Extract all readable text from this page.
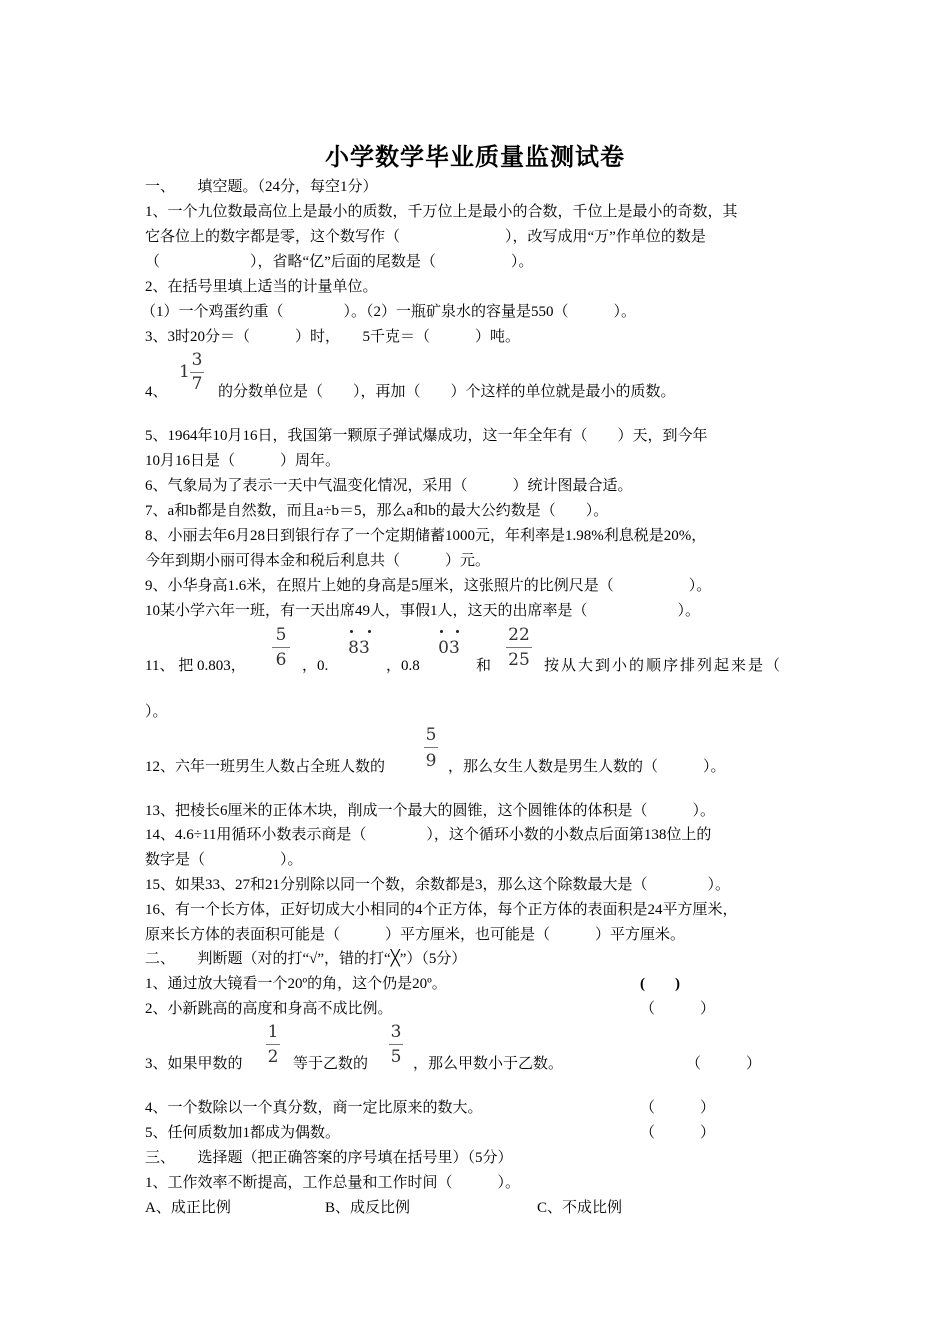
小学数学毕业质量监测试卷
一、　　填空题。（24分，每空1分）
1、一个九位数最高位上是最小的质数，千万位上是最小的合数，千位上是最小的奇数，其
它各位上的数字都是零，这个数写作（　　　　　　　），改写成用“万”作单位的数是
（　　　　　　），省略“亿”后面的尾数是（　　　　　）。
2、在括号里填上适当的计量单位。
（1）一个鸡蛋约重（　　　　）。（2）一瓶矿泉水的容量是550（　　　）。
3、3时20分＝（　　　）时，　　5千克＝（　　　）吨。
4、
1
3
7 的分数单位是（　　），再加（　　）个这样的单位就是最小的质数。
5、1964年10月16日，我国第一颗原子弹试爆成功，这一年全年有（　　）天，到今年
10月16日是（　　　）周年。
6、气象局为了表示一天中气温变化情况，采用（　　　）统计图最合适。
7、a和b都是自然数，而且a÷b＝5，那么a和b的最大公约数是（　　）。
8、小丽去年6月28日到银行存了一个定期储蓄1000元，年利率是1.98%利息税是20%，
今年到期小丽可得本金和税后利息共（　　　）元。
9、小华身高1.6米，在照片上她的身高是5厘米，这张照片的比例尺是（　　　　　）。
10某小学六年一班，有一天出席49人，事假1人，这天的出席率是（　　　　　　）。
11、 把 0.803，
5
6 ，0.
83
，0.8
03
和
22
25 按从大到小的顺序排列起来是（
）。
12、六年一班男生人数占全班人数的
5
9 ，那么女生人数是男生人数的（　　　）。
13、把棱长6厘米的正体木块，削成一个最大的圆锥，这个圆锥体的体积是（　　　）。
14、4.6÷11用循环小数表示商是（　　　　），这个循环小数的小数点后面第138位上的
数字是（　　　　　）。
15、如果33、27和21分别除以同一个数，余数都是3，那么这个除数最大是（　　　　）。
16、有一个长方体，正好切成大小相同的4个正方体，每个正方体的表面积是24平方厘米，
原来长方体的表面积可能是（　　　）平方厘米，也可能是（　　　）平方厘米。
二、　　判断题（对的打“√”，错的打“╳”）（5分）
1、通过放大镜看一个20º的角，这个仍是20º。	(　　)
2、小新跳高的高度和身高不成比例。	（　　　）
3、如果甲数的
1
2 等于乙数的
3
5 ，那么甲数小于乙数。	（　　　）
4、一个数除以一个真分数，商一定比原来的数大。	（　　　）
5、任何质数加1都成为偶数。	（　　　）
三、　　选择题（把正确答案的序号填在括号里）（5分）
1、工作效率不断提高，工作总量和工作时间（　　　）。
A、成正比例	B、成反比例	C、不成比例
